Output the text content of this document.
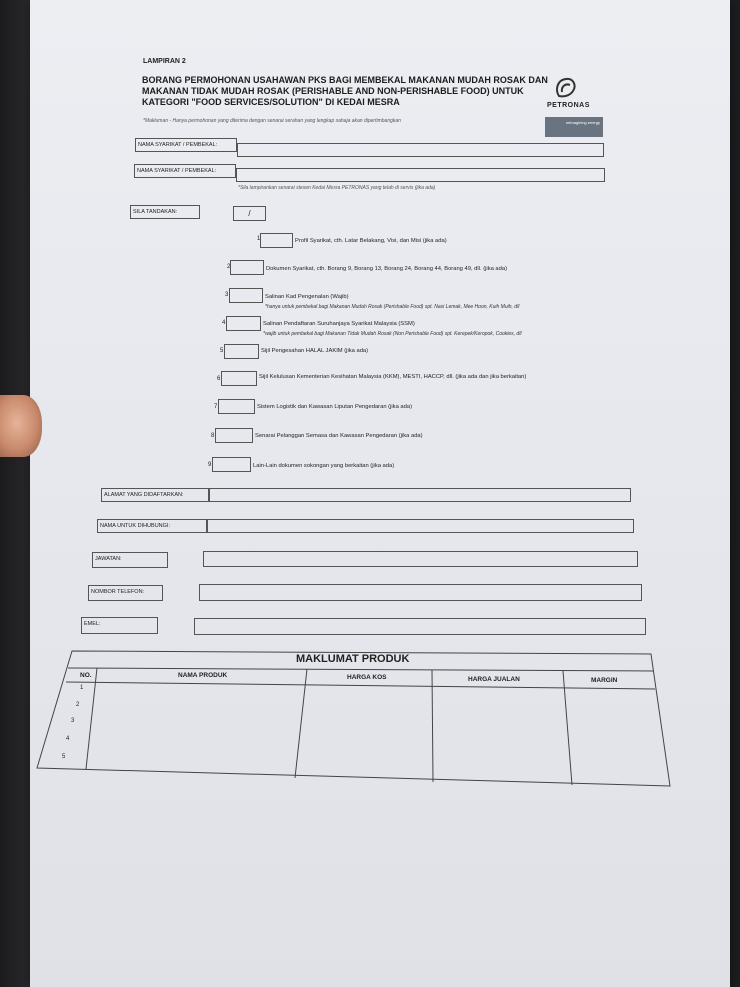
LAMPIRAN 2
BORANG PERMOHONAN USAHAWAN PKS BAGI MEMBEKAL MAKANAN MUDAH ROSAK DAN
MAKANAN TIDAK MUDAH ROSAK (PERISHABLE AND NON-PERISHABLE FOOD) UNTUK
KATEGORI "FOOD SERVICES/SOLUTION" DI KEDAI MESRA
*Makluman - Hanya permohonan yang diterima dengan senarai serahan yang lengkap sahaja akan dipertimbangkan
PETRONAS
reimagining energy
NAMA SYARIKAT / PEMBEKAL:
NAMA SYARIKAT / PEMBEKAL:
*Sila lampirankan senarai stesen Kedai Mesra PETRONAS yang telah di servis (jika ada)
SILA TANDAKAN:	/
1	Profil Syarikat, cth. Latar Belakang, Visi, dan Misi (jika ada)
2	Dokumen Syarikat, cth. Borang 9, Borang 13, Borang 24, Borang 44, Borang 49, dll. (jika ada)
3	Salinan Kad Pengenalan (Wajib)
*hanya untuk pembekal bagi Makanan Mudah Rosak (Perishable Food) spt. Nasi Lemak, Mee Hoon, Kuih Muih, dll
4	Salinan Pendaftaran Suruhanjaya Syarikat Malaysia (SSM)
*wajib untuk pembekal bagi Makanan Tidak Mudah Rosak (Non Perishable Food) spt. Kerepek/Keropok, Cookies, dll
5	Sijil Pengesahan HALAL JAKIM (jika ada)
6	Sijil Kelulusan Kementerian Kesihatan Malaysia (KKM), MESTI, HACCP, dll. (jika ada dan jika berkaitan)
7	Sistem Logistik dan Kawasan Liputan Pengedaran (jika ada)
8	Senarai Pelanggan Semasa dan Kawasan Pengedaran (jika ada)
9	Lain-Lain dokumen sokongan yang berkaitan (jika ada)
ALAMAT YANG DIDAFTARKAN:
NAMA UNTUK DIHUBUNGI:
JAWATAN:
NOMBOR TELEFON:
EMEL:
MAKLUMAT PRODUK
NO.	NAMA PRODUK	HARGA KOS	HARGA JUALAN	MARGIN
1
2
3
4
5
